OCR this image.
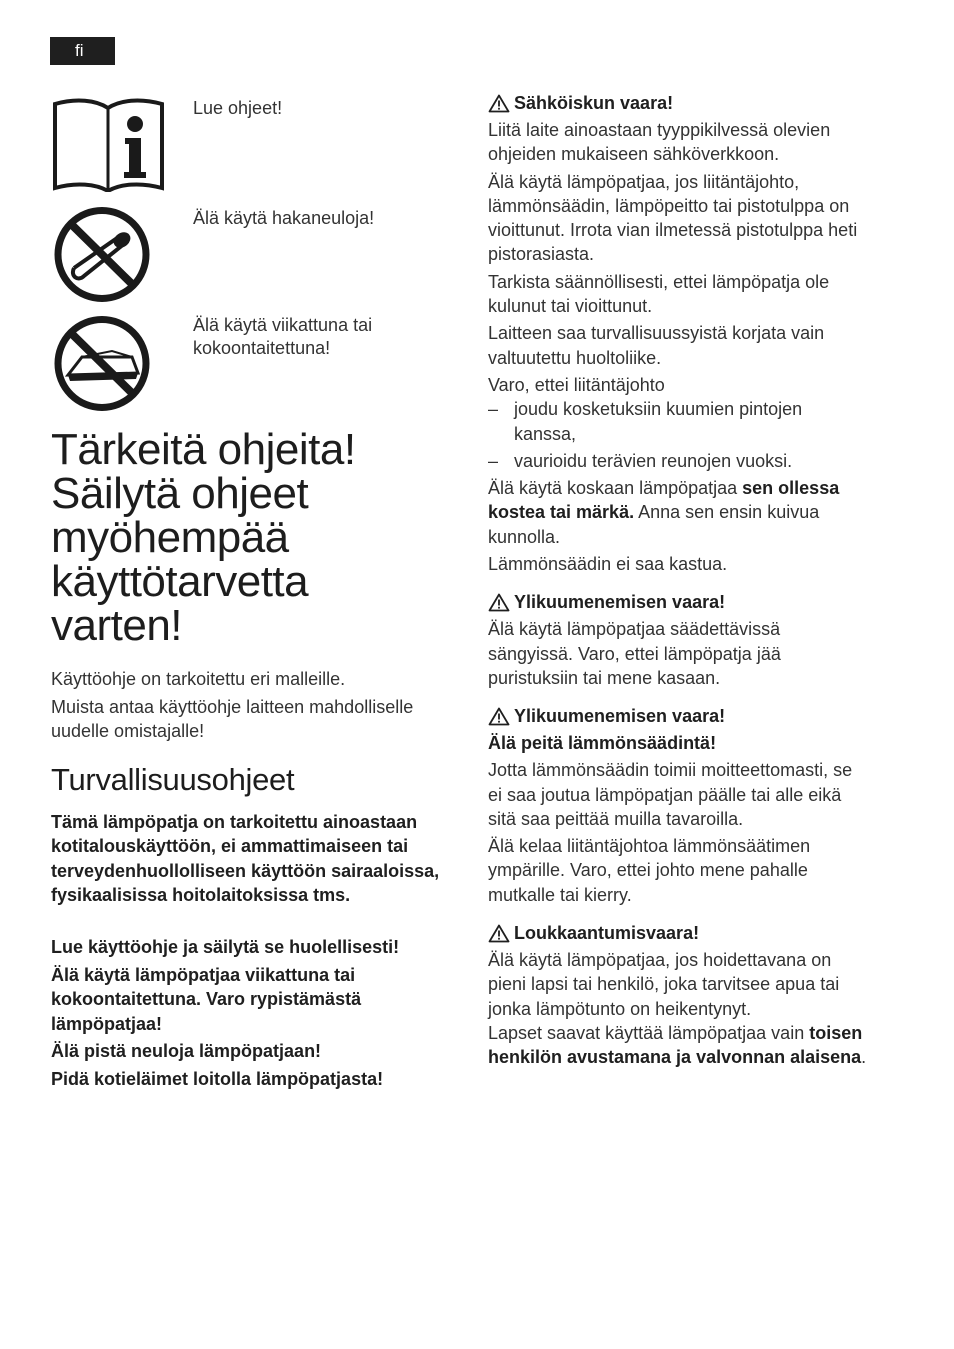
fi
Lue ohjeet!
Älä käytä hakaneuloja!
Älä käytä viikattuna tai kokoontaitettuna!
Tärkeitä ohjeita!
Säilytä ohjeet
myöhempää
käyttötarvetta
varten!

Käyttöohje on tarkoitettu eri malleille.

Muista antaa käyttöohje laitteen mahdolliselle uudelle omistajalle!

Turvallisuusohjeet

Tämä lämpöpatja on tarkoitettu ainoastaan kotitalouskäyttöön, ei ammattimaiseen tai terveydenhuollolliseen käyttöön sairaaloissa, fysikaalisissa hoitolaitoksissa tms.

Lue käyttöohje ja säilytä se huolellisesti!

Älä käytä lämpöpatjaa viikattuna tai kokoontaitettuna. Varo rypistämästä lämpöpatjaa!

Älä pistä neuloja lämpöpatjaan!

Pidä kotieläimet loitolla lämpöpatjasta!

Sähköiskun vaara!

Liitä laite ainoastaan tyyppikilvessä olevien ohjeiden mukaiseen sähköverkkoon.

Älä käytä lämpöpatjaa, jos liitäntäjohto, lämmönsäädin, lämpöpeitto tai pistotulppa on vioittunut. Irrota vian ilmetessä pistotulppa heti pistorasiasta.

Tarkista säännöllisesti, ettei lämpöpatja ole kulunut tai vioittunut.

Laitteen saa turvallisuussyistä korjata vain valtuutettu huoltoliike.

Varo, ettei liitäntäjohto

– joudu kosketuksiin kuumien pintojen kanssa,
– vaurioidu terävien reunojen vuoksi.

Älä käytä koskaan lämpöpatjaa sen ollessa kostea tai märkä. Anna sen ensin kuivua kunnolla.

Lämmönsäädin ei saa kastua.

Ylikuumenemisen vaara!

Älä käytä lämpöpatjaa säädettävissä sängyissä. Varo, ettei lämpöpatja jää puristuksiin tai mene kasaan.

Ylikuumenemisen vaara!

Älä peitä lämmönsäädintä!

Jotta lämmönsäädin toimii moitteettomasti, se ei saa joutua lämpöpatjan päälle tai alle eikä sitä saa peittää muilla tavaroilla.

Älä kelaa liitäntäjohtoa lämmönsäätimen ympärille. Varo, ettei johto mene pahalle mutkalle tai kierry.

Loukkaantumisvaara!

Älä käytä lämpöpatjaa, jos hoidettavana on pieni lapsi tai henkilö, joka tarvitsee apua tai jonka lämpötunto on heikentynyt.

Lapset saavat käyttää lämpöpatjaa vain toisen henkilön avustamana ja valvonnan alaisena.
